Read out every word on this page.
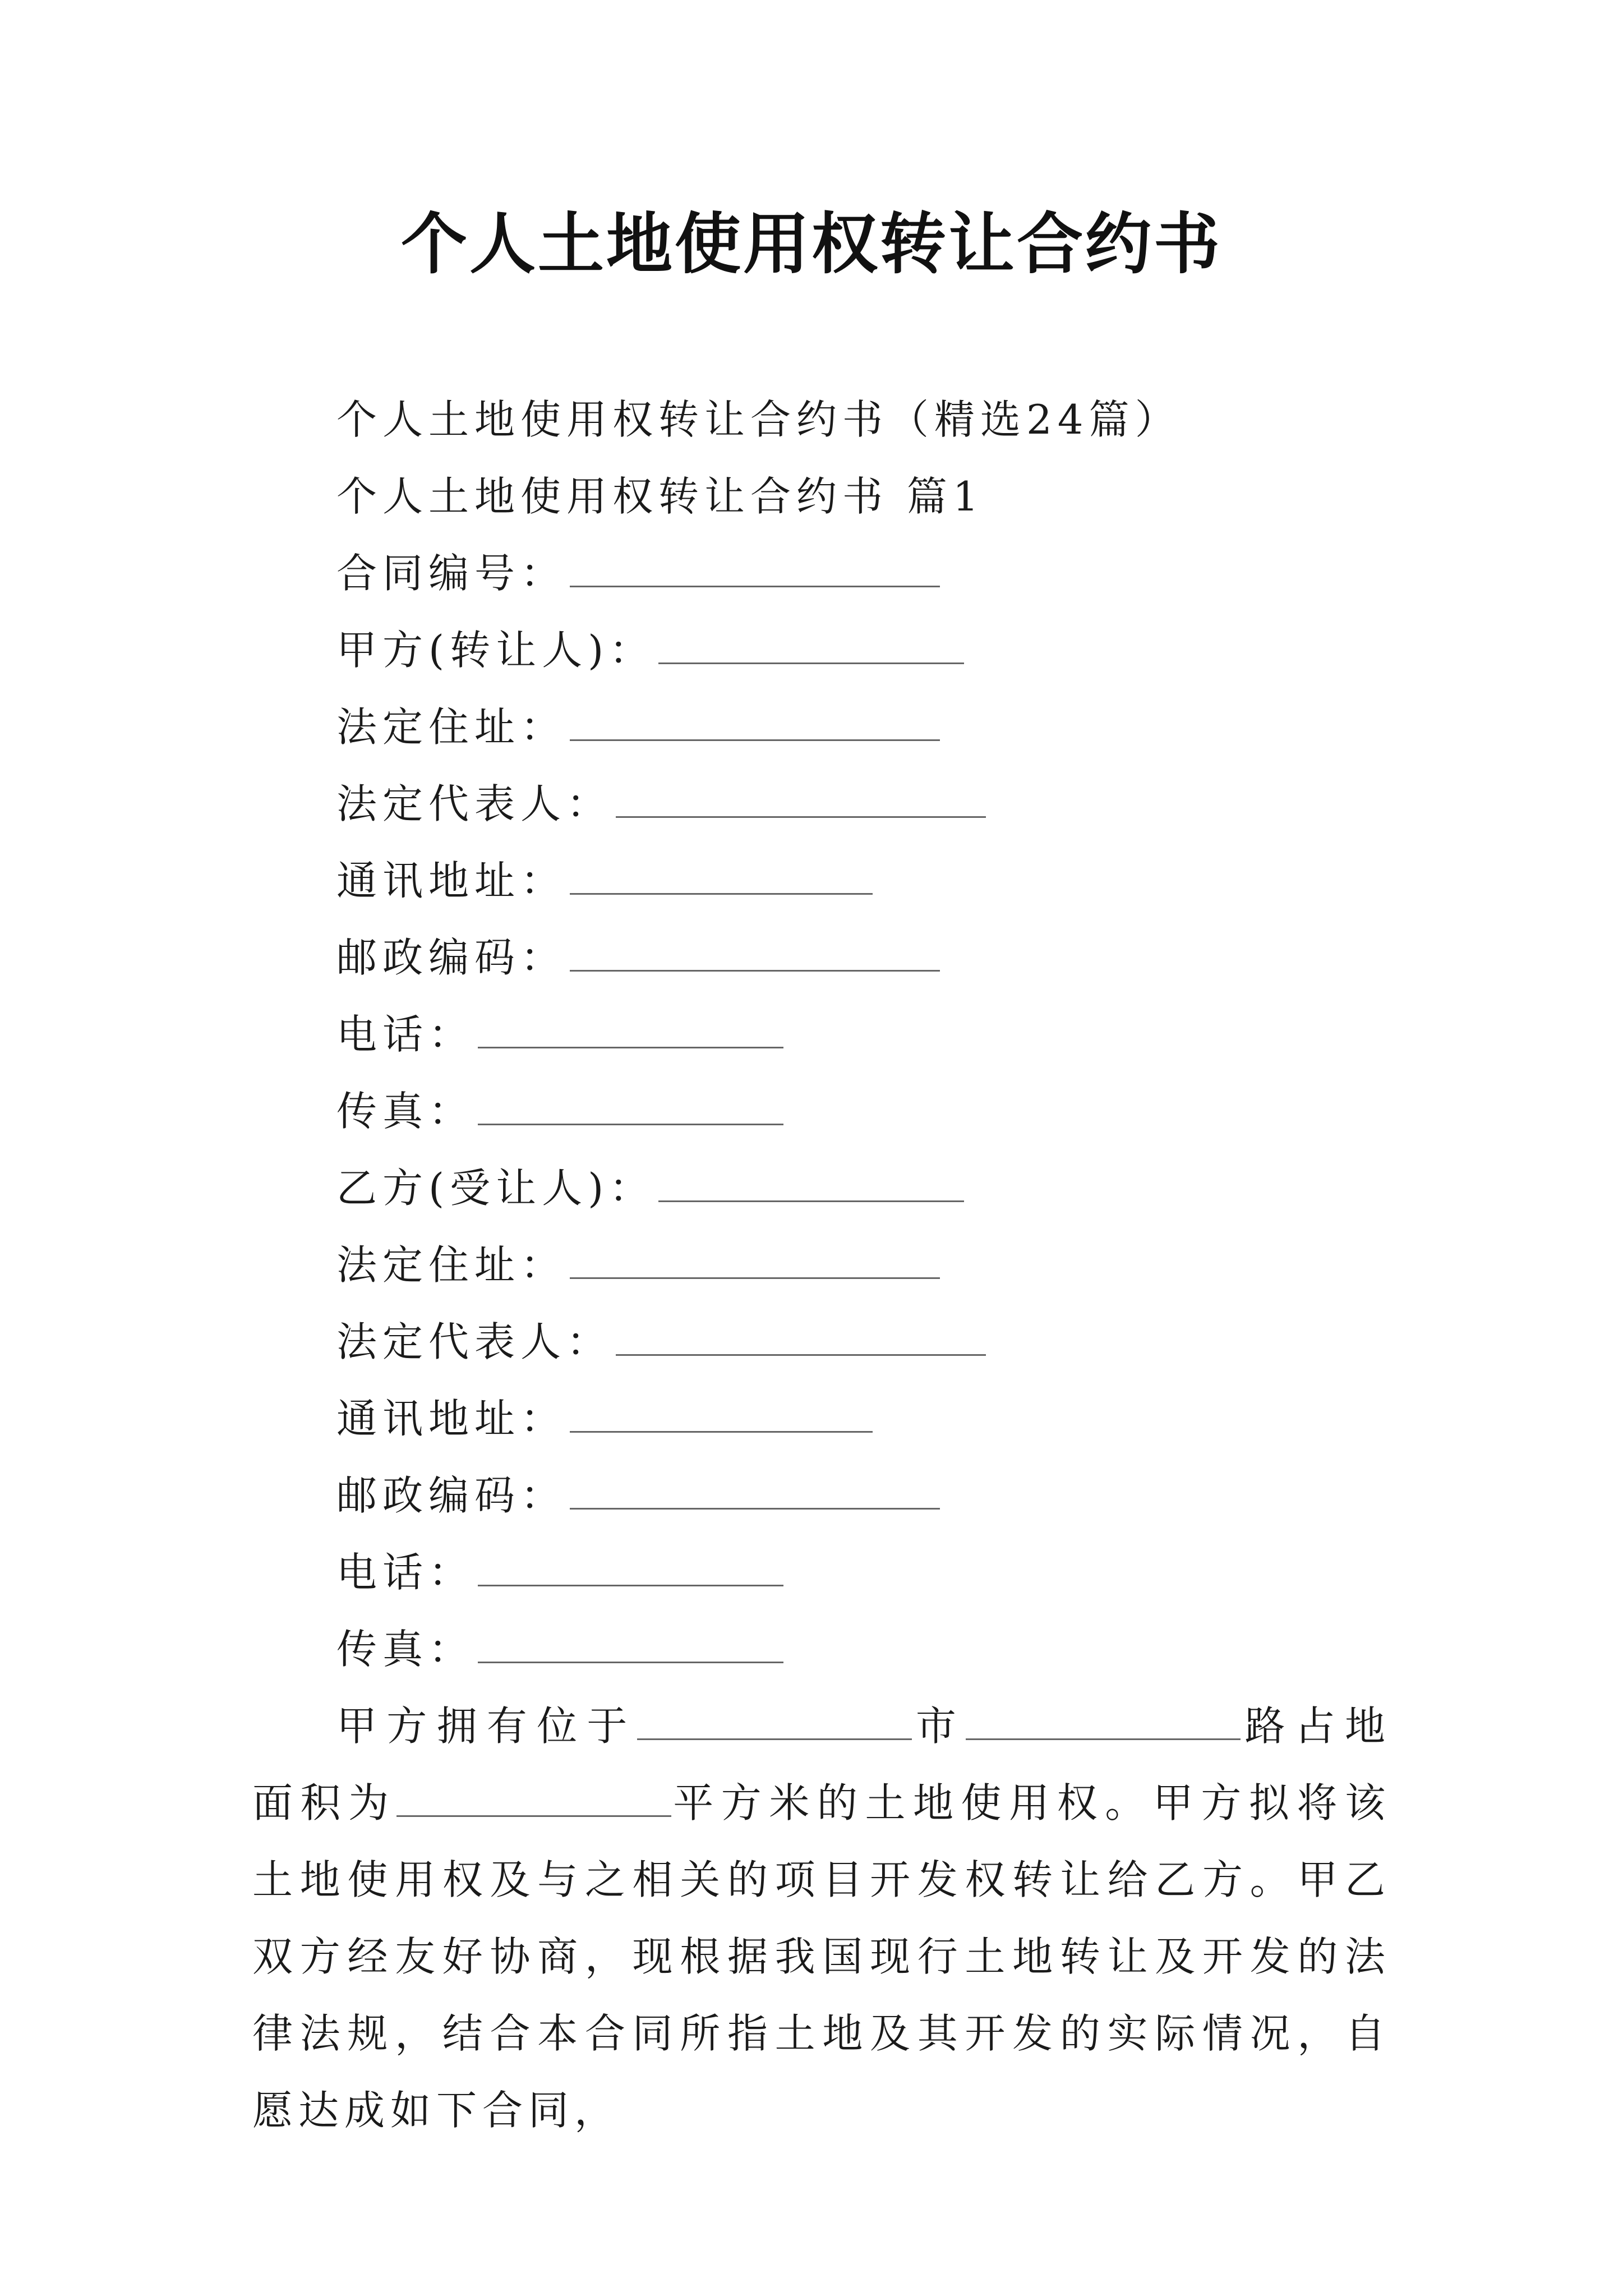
个人土地使用权转让合约书
个人土地使用权转让合约书（精选24篇）
个人土地使用权转让合约书 篇1
合同编号：
甲方(转让人)：
法定住址：
法定代表人：
通讯地址：
邮政编码：
电话：
传真：
乙方(受让人)：
法定住址：
法定代表人：
通讯地址：
邮政编码：
电话：
传真：
甲方拥有位于	市	路占地面积为	平方米的土地使用权。甲方拟将该土地使用权及与之相关的项目开发权转让给乙方。甲乙双方经友好协商，现根据我国现行土地转让及开发的法律法规，结合本合同所指土地及其开发的实际情况，自愿达成如下合同，
